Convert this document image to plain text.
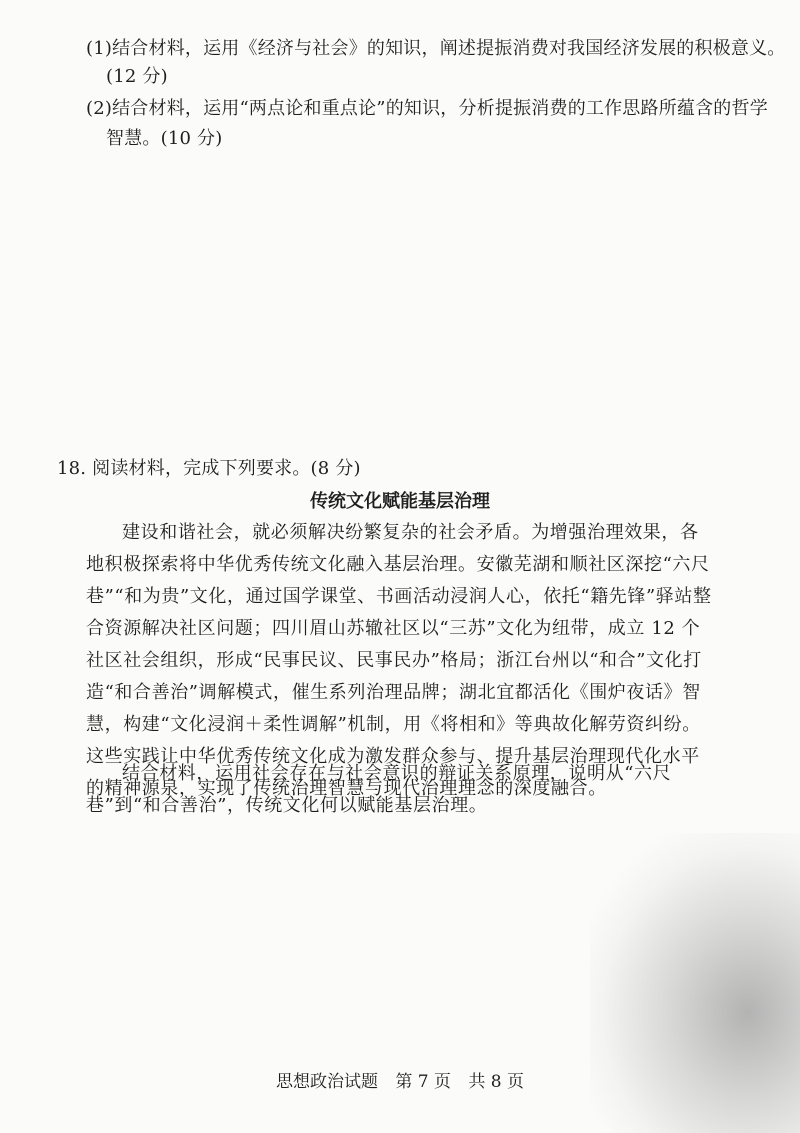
(1)结合材料，运用《经济与社会》的知识，阐述提振消费对我国经济发展的积极意义。
(12 分)
(2)结合材料，运用“两点论和重点论”的知识，分析提振消费的工作思路所蕴含的哲学
智慧。(10 分)
18. 阅读材料，完成下列要求。(8 分)
传统文化赋能基层治理
建设和谐社会，就必须解决纷繁复杂的社会矛盾。为增强治理效果，各地积极探索将中华优秀传统文化融入基层治理。安徽芜湖和顺社区深挖“六尺巷”“和为贵”文化，通过国学课堂、书画活动浸润人心，依托“籍先锋”驿站整合资源解决社区问题；四川眉山苏辙社区以“三苏”文化为纽带，成立 12 个社区社会组织，形成“民事民议、民事民办”格局；浙江台州以“和合”文化打造“和合善治”调解模式，催生系列治理品牌；湖北宜都活化《围炉夜话》智慧，构建“文化浸润＋柔性调解”机制，用《将相和》等典故化解劳资纠纷。这些实践让中华优秀传统文化成为激发群众参与、提升基层治理现代化水平的精神源泉，实现了传统治理智慧与现代治理理念的深度融合。
结合材料，运用社会存在与社会意识的辩证关系原理，说明从“六尺巷”到“和合善治”，传统文化何以赋能基层治理。
思想政治试题 第 7 页 共 8 页
